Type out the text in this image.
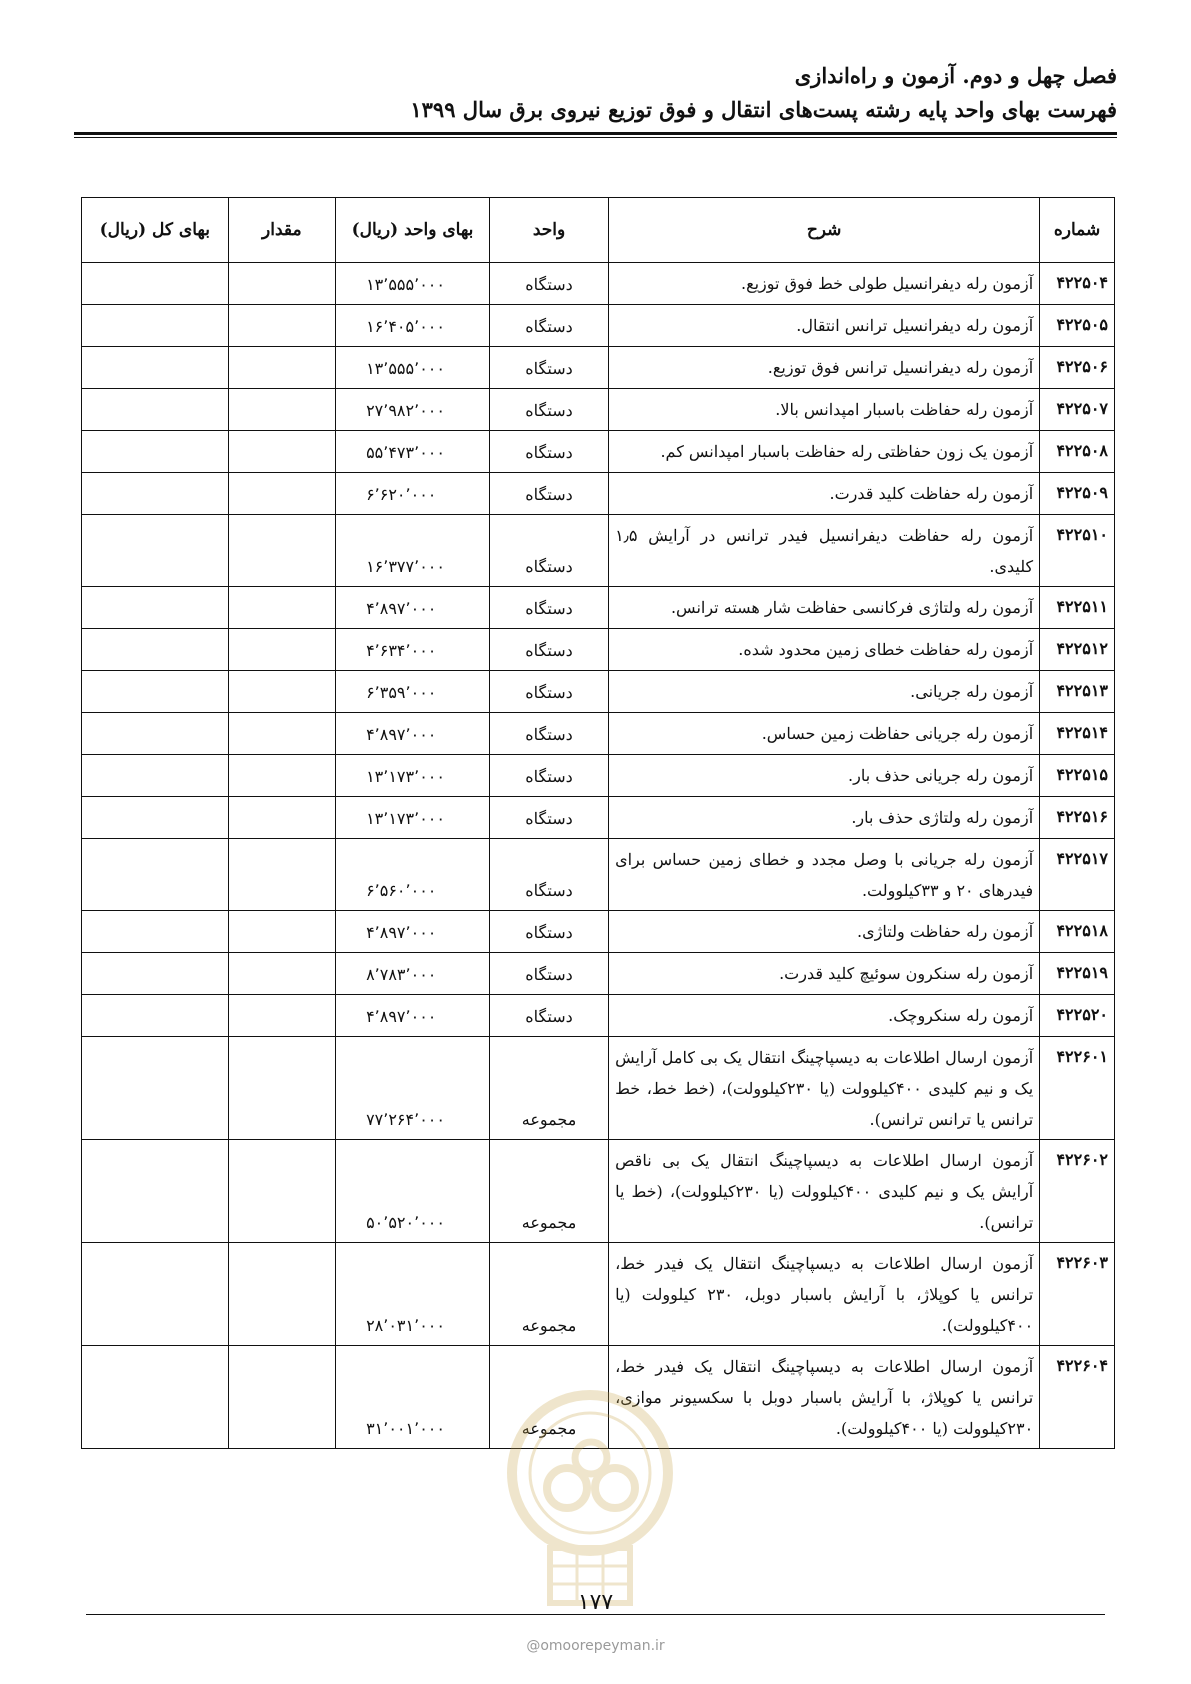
فصل چهل و دوم. آزمون و راه‌اندازی
فهرست بهای واحد پایه رشته پست‌های انتقال و فوق توزیع نیروی برق سال ۱۳۹۹
شماره	شرح	واحد	بهای واحد (ریال)	مقدار	بهای کل (ریال)
۴۲۲۵۰۴	آزمون رله دیفرانسیل طولی خط فوق توزیع.	دستگاه	۱۳٬۵۵۵٬۰۰۰		
۴۲۲۵۰۵	آزمون رله دیفرانسیل ترانس انتقال.	دستگاه	۱۶٬۴۰۵٬۰۰۰		
۴۲۲۵۰۶	آزمون رله دیفرانسیل ترانس فوق توزیع.	دستگاه	۱۳٬۵۵۵٬۰۰۰		
۴۲۲۵۰۷	آزمون رله حفاظت باسبار امپدانس بالا.	دستگاه	۲۷٬۹۸۲٬۰۰۰		
۴۲۲۵۰۸	آزمون یک زون حفاظتی رله حفاظت باسبار امپدانس کم.	دستگاه	۵۵٬۴۷۳٬۰۰۰		
۴۲۲۵۰۹	آزمون رله حفاظت کلید قدرت.	دستگاه	۶٬۶۲۰٬۰۰۰		
۴۲۲۵۱۰	آزمون رله حفاظت دیفرانسیل فیدر ترانس در آرایش ۱٫۵ کلیدی.	دستگاه	۱۶٬۳۷۷٬۰۰۰		
۴۲۲۵۱۱	آزمون رله ولتاژی فرکانسی حفاظت شار هسته ترانس.	دستگاه	۴٬۸۹۷٬۰۰۰		
۴۲۲۵۱۲	آزمون رله حفاظت خطای زمین محدود شده.	دستگاه	۴٬۶۳۴٬۰۰۰		
۴۲۲۵۱۳	آزمون رله جریانی.	دستگاه	۶٬۳۵۹٬۰۰۰		
۴۲۲۵۱۴	آزمون رله جریانی حفاظت زمین حساس.	دستگاه	۴٬۸۹۷٬۰۰۰		
۴۲۲۵۱۵	آزمون رله جریانی حذف بار.	دستگاه	۱۳٬۱۷۳٬۰۰۰		
۴۲۲۵۱۶	آزمون رله ولتاژی حذف بار.	دستگاه	۱۳٬۱۷۳٬۰۰۰		
۴۲۲۵۱۷	آزمون رله جریانی با وصل مجدد و خطای زمین حساس برای فیدرهای ۲۰ و ۳۳کیلوولت.	دستگاه	۶٬۵۶۰٬۰۰۰		
۴۲۲۵۱۸	آزمون رله حفاظت ولتاژی.	دستگاه	۴٬۸۹۷٬۰۰۰		
۴۲۲۵۱۹	آزمون رله سنکرون سوئیچ کلید قدرت.	دستگاه	۸٬۷۸۳٬۰۰۰		
۴۲۲۵۲۰	آزمون رله سنکروچک.	دستگاه	۴٬۸۹۷٬۰۰۰		
۴۲۲۶۰۱	آزمون ارسال اطلاعات به دیسپاچینگ انتقال یک بی کامل آرایش یک و نیم کلیدی ۴۰۰کیلوولت (یا ۲۳۰کیلوولت)، (خط خط، خط ترانس یا ترانس ترانس).	مجموعه	۷۷٬۲۶۴٬۰۰۰		
۴۲۲۶۰۲	آزمون ارسال اطلاعات به دیسپاچینگ انتقال یک بی ناقص آرایش یک و نیم کلیدی ۴۰۰کیلوولت (یا ۲۳۰کیلوولت)، (خط یا ترانس).	مجموعه	۵۰٬۵۲۰٬۰۰۰		
۴۲۲۶۰۳	آزمون ارسال اطلاعات به دیسپاچینگ انتقال یک فیدر خط، ترانس یا کوپلاژ، با آرایش باسبار دوبل، ۲۳۰ کیلوولت (یا ۴۰۰کیلوولت).	مجموعه	۲۸٬۰۳۱٬۰۰۰		
۴۲۲۶۰۴	آزمون ارسال اطلاعات به دیسپاچینگ انتقال یک فیدر خط، ترانس یا کوپلاژ، با آرایش باسبار دوبل با سکسیونر موازی، ۲۳۰کیلوولت (یا ۴۰۰کیلوولت).	مجموعه	۳۱٬۰۰۱٬۰۰۰		
۱۷۷
@omoorepeyman.ir
